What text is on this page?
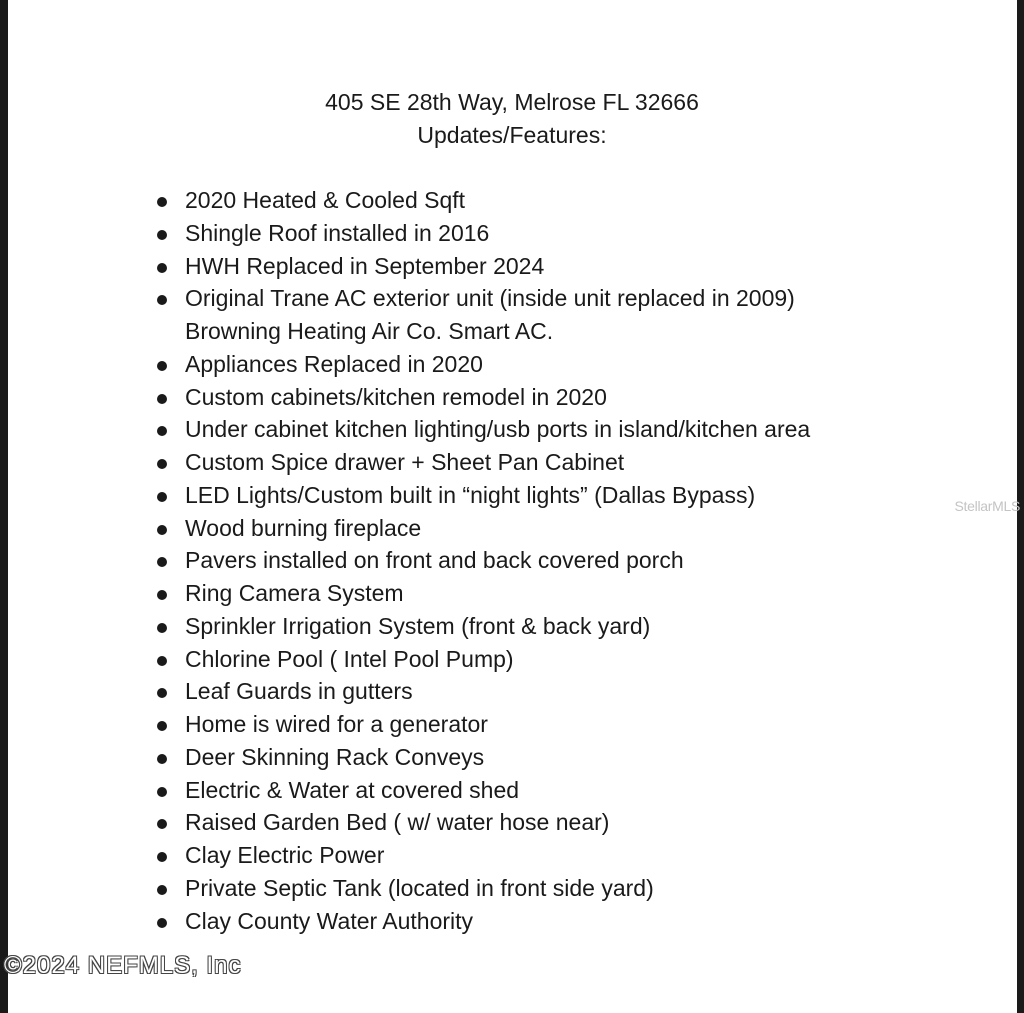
405 SE 28th Way, Melrose FL 32666
Updates/Features:
2020 Heated & Cooled Sqft
Shingle Roof installed in 2016
HWH Replaced in September 2024
Original Trane AC exterior unit (inside unit replaced in 2009)
Browning Heating Air Co. Smart AC.
Appliances Replaced in 2020
Custom cabinets/kitchen remodel in 2020
Under cabinet kitchen lighting/usb ports in island/kitchen area
Custom Spice drawer + Sheet Pan Cabinet
LED Lights/Custom built in “night lights” (Dallas Bypass)
Wood burning fireplace
Pavers installed on front and back covered porch
Ring Camera System
Sprinkler Irrigation System (front & back yard)
Chlorine Pool ( Intel Pool Pump)
Leaf Guards in gutters
Home is wired for a generator
Deer Skinning Rack Conveys
Electric & Water at covered shed
Raised Garden Bed ( w/ water hose near)
Clay Electric Power
Private Septic Tank (located in front side yard)
Clay County Water Authority
StellarMLS
©2024 NEFMLS, Inc
